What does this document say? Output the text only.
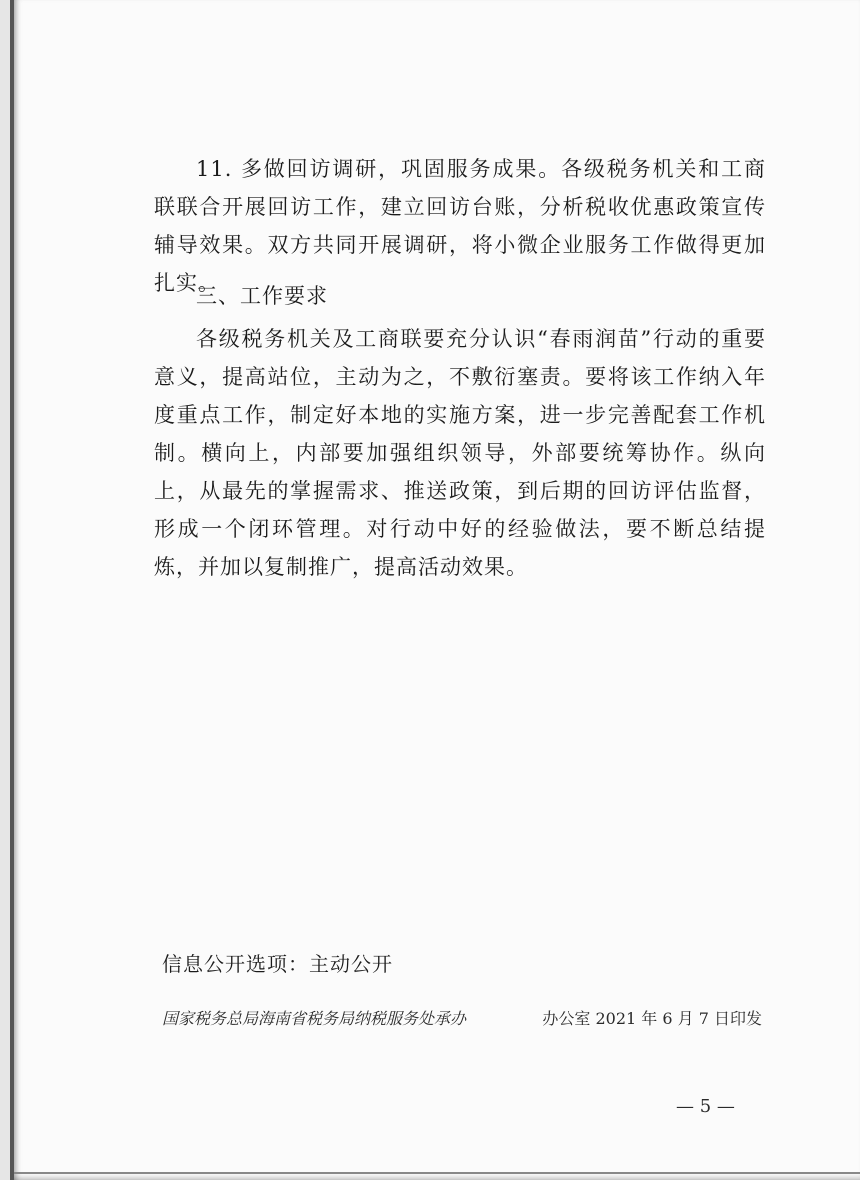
11. 多做回访调研，巩固服务成果。各级税务机关和工商联联合开展回访工作，建立回访台账，分析税收优惠政策宣传辅导效果。双方共同开展调研，将小微企业服务工作做得更加扎实。

三、工作要求

各级税务机关及工商联要充分认识“春雨润苗”行动的重要意义，提高站位，主动为之，不敷衍塞责。要将该工作纳入年度重点工作，制定好本地的实施方案，进一步完善配套工作机制。横向上，内部要加强组织领导，外部要统筹协作。纵向上，从最先的掌握需求、推送政策，到后期的回访评估监督，形成一个闭环管理。对行动中好的经验做法，要不断总结提炼，并加以复制推广，提高活动效果。

信息公开选项：主动公开
国家税务总局海南省税务局纳税服务处承办	办公室 2021 年 6 月 7 日印发
— 5 —
